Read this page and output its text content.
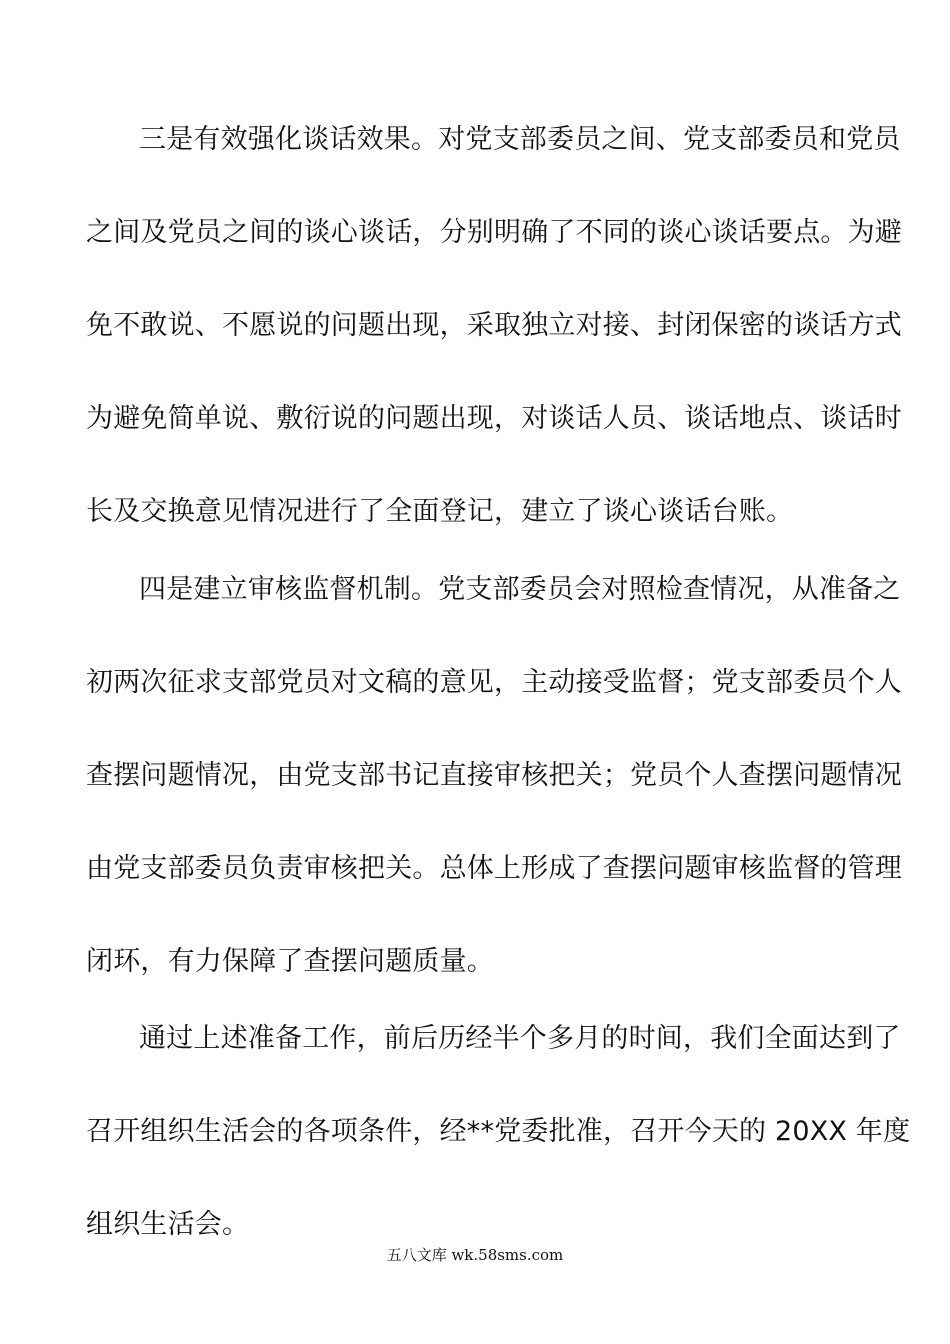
三是有效强化谈话效果。对党支部委员之间、党支部委员和党员
之间及党员之间的谈心谈话，分别明确了不同的谈心谈话要点。为避
免不敢说、不愿说的问题出现，采取独立对接、封闭保密的谈话方式
为避免简单说、敷衍说的问题出现，对谈话人员、谈话地点、谈话时
长及交换意见情况进行了全面登记，建立了谈心谈话台账。
四是建立审核监督机制。党支部委员会对照检查情况，从准备之
初两次征求支部党员对文稿的意见，主动接受监督；党支部委员个人
查摆问题情况，由党支部书记直接审核把关；党员个人查摆问题情况
由党支部委员负责审核把关。总体上形成了查摆问题审核监督的管理
闭环，有力保障了查摆问题质量。
通过上述准备工作，前后历经半个多月的时间，我们全面达到了
召开组织生活会的各项条件，经**党委批准，召开今天的 20XX 年度
组织生活会。
五八文库 wk.58sms.com
